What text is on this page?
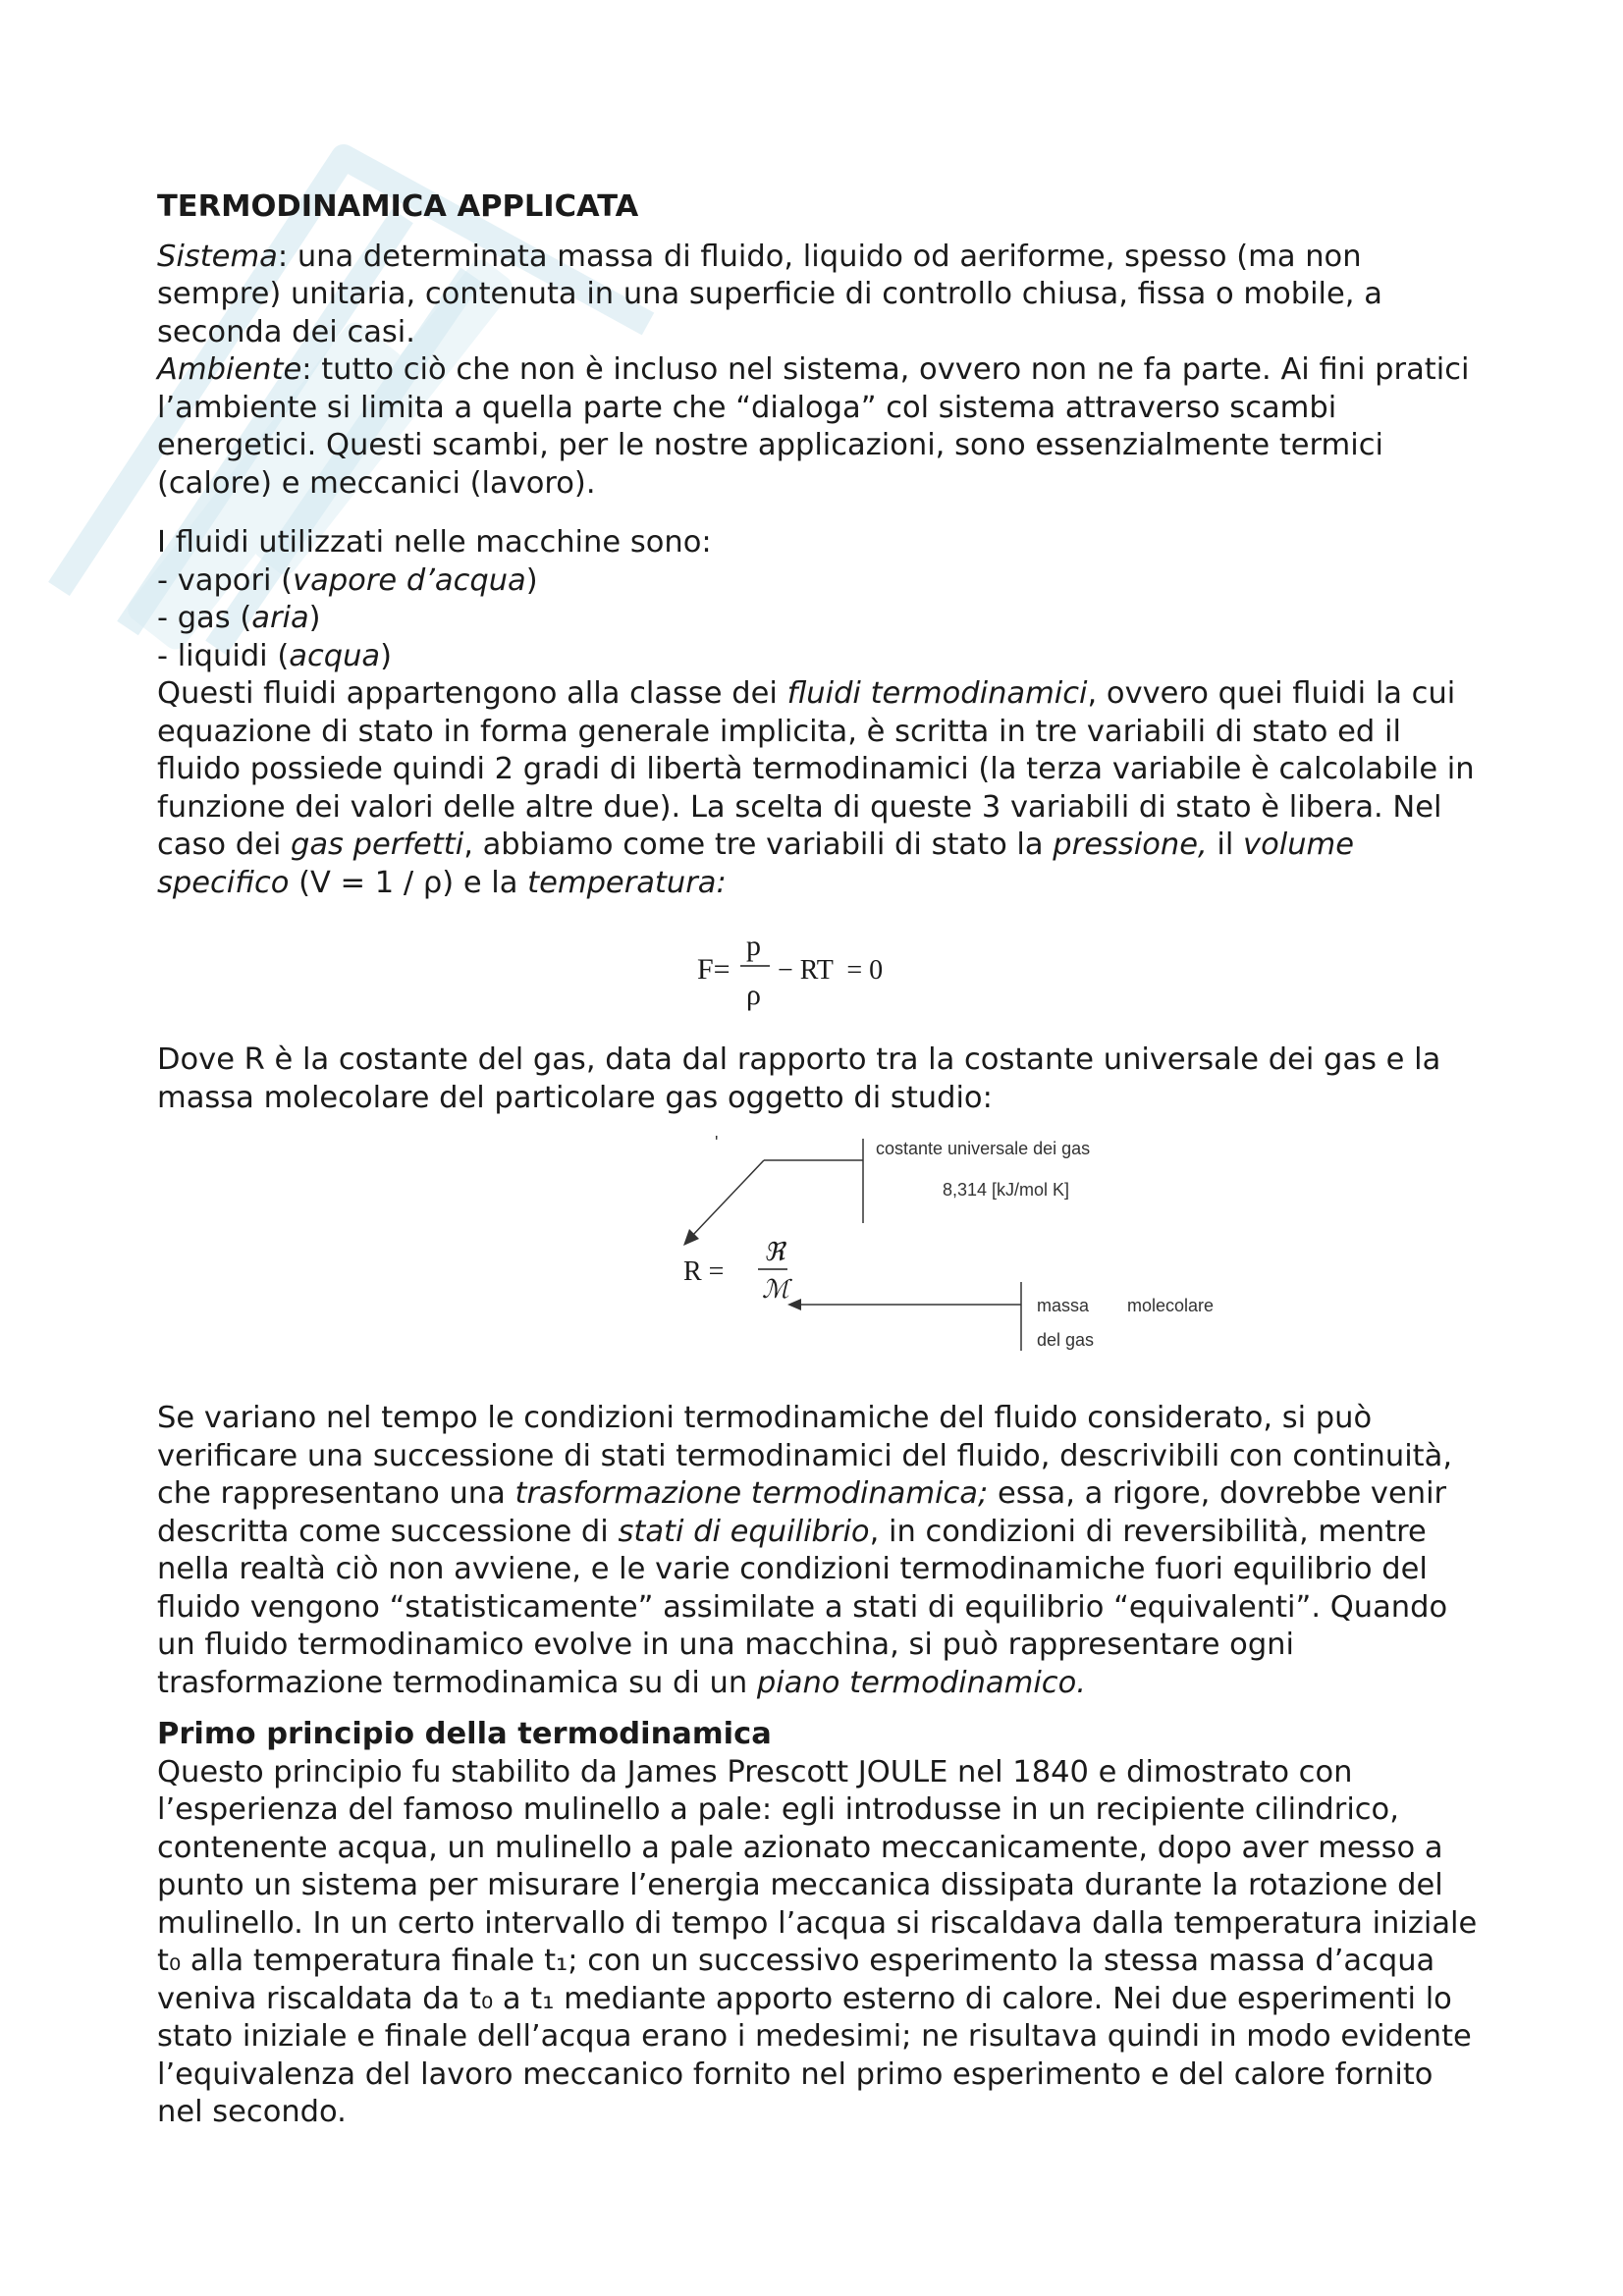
TERMODINAMICA APPLICATA

Sistema: una determinata massa di fluido, liquido od aeriforme, spesso (ma non sempre) unitaria, contenuta in una superficie di controllo chiusa, fissa o mobile, a seconda dei casi.

Ambiente: tutto ciò che non è incluso nel sistema, ovvero non ne fa parte. Ai fini pratici l’ambiente si limita a quella parte che “dialoga” col sistema attraverso scambi energetici. Questi scambi, per le nostre applicazioni, sono essenzialmente termici (calore) e meccanici (lavoro).

I fluidi utilizzati nelle macchine sono:

- vapori (vapore d’acqua)

- gas (aria)

- liquidi (acqua)

Questi fluidi appartengono alla classe dei fluidi termodinamici, ovvero quei fluidi la cui equazione di stato in forma generale implicita, è scritta in tre variabili di stato ed il fluido possiede quindi 2 gradi di libertà termodinamici (la terza variabile è calcolabile in funzione dei valori delle altre due). La scelta di queste 3 variabili di stato è libera. Nel caso dei gas perfetti, abbiamo come tre variabili di stato la pressione, il volume specifico (V = 1 / ρ) e la temperatura:

F=
p
ρ
− RT  = 0

Dove R è la costante del gas, data dal rapporto tra la costante universale dei gas e la massa molecolare del particolare gas oggetto di studio:

'	costante universale dei gas
8,314 [kJ/mol K]
R =
ℜ
ℳ
massa molecolare
del gas

Se variano nel tempo le condizioni termodinamiche del fluido considerato, si può verificare una successione di stati termodinamici del fluido, descrivibili con continuità, che rappresentano una trasformazione termodinamica; essa, a rigore, dovrebbe venir descritta come successione di stati di equilibrio, in condizioni di reversibilità, mentre nella realtà ciò non avviene, e le varie condizioni termodinamiche fuori equilibrio del fluido vengono “statisticamente” assimilate a stati di equilibrio “equivalenti”. Quando un fluido termodinamico evolve in una macchina, si può rappresentare ogni trasformazione termodinamica su di un piano termodinamico.

Primo principio della termodinamica

Questo principio fu stabilito da James Prescott JOULE nel 1840 e dimostrato con l’esperienza del famoso mulinello a pale: egli introdusse in un recipiente cilindrico, contenente acqua, un mulinello a pale azionato meccanicamente, dopo aver messo a punto un sistema per misurare l’energia meccanica dissipata durante la rotazione del mulinello. In un certo intervallo di tempo l’acqua si riscaldava dalla temperatura iniziale t₀ alla temperatura finale t₁; con un successivo esperimento la stessa massa d’acqua veniva riscaldata da t₀ a t₁ mediante apporto esterno di calore. Nei due esperimenti lo stato iniziale e finale dell’acqua erano i medesimi; ne risultava quindi in modo evidente l’equivalenza del lavoro meccanico fornito nel primo esperimento e del calore fornito nel secondo.
